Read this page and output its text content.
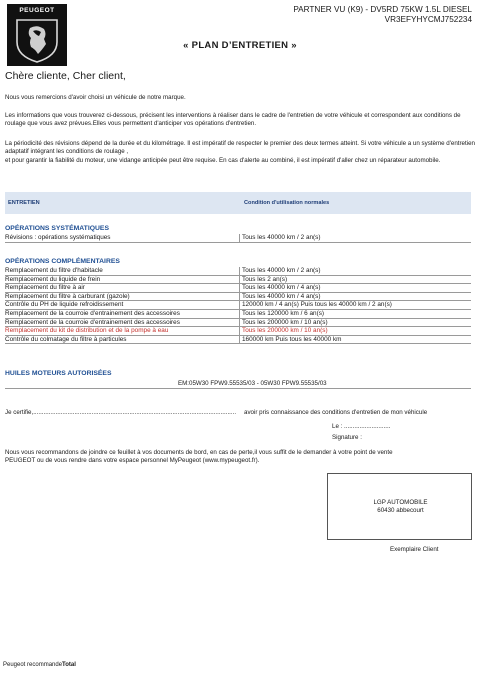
PEUGEOT	PARTNER VU (K9) - DV5RD 75KW 1.5L DIESEL
VR3EFYHYCMJ752234
« PLAN D’ENTRETIEN »
Chère cliente, Cher client,
Nous vous remercions d'avoir choisi un véhicule de notre marque.
Les informations que vous trouverez ci-dessous, précisent les interventions à réaliser dans le cadre de l'entretien de votre véhicule et correspondent aux conditions de roulage que vous avez prévues.Elles vous permettent d'anticiper vos opérations d'entretien.
La périodicité des révisions dépend de la durée et du kilométrage. Il est impératif de respecter le premier des deux termes atteint. Si votre véhicule a un système d'entretien adaptatif intégrant les conditions de roulage ,
et pour garantir la fiabilité du moteur, une vidange anticipée peut être requise. En cas d'alerte au combiné, il est impératif d'aller chez un réparateur automobile.
ENTRETIEN	Condition d'utilisation normales
OPÉRATIONS SYSTÉMATIQUES
Révisions : opérations systématiques	Tous les 40000 km / 2 an(s)
OPÉRATIONS COMPLÉMENTAIRES
Remplacement du filtre d'habitacle	Tous les 40000 km / 2 an(s)
Remplacement du liquide de frein	Tous les 2 an(s)
Remplacement du filtre à air	Tous les 40000 km / 4 an(s)
Remplacement du filtre à carburant (gazole)	Tous les 40000 km / 4 an(s)
Contrôle du PH de liquide refroidissement	120000 km / 4 an(s) Puis tous les 40000 km / 2 an(s)
Remplacement de la courroie d'entrainement des accessoires	Tous les 120000 km / 6 an(s)
Remplacement de la courroie d'entrainement des accessoires	Tous les 200000 km / 10 an(s)
Remplacement du kit de distribution et de la pompe à eau	Tous les 200000 km / 10 an(s)
Contrôle du colmatage du filtre à particules	160000 km Puis tous les 40000 km
HUILES MOTEURS AUTORISÉES
EM:05W30 FPW9.55535/03 - 05W30 FPW9.55535/03
Je certifie,...................................................................................................................... avoir pris connaissance des conditions d'entretien de mon véhicule
Le : ...........................
Signature :
Nous vous recommandons de joindre ce feuillet à vos documents de bord, en cas de perte,il vous suffit de le demander à votre point de vente
PEUGEOT ou de vous rendre dans votre espace personnel MyPeugeot (www.mypeugeot.fr).
LGP AUTOMOBILE
60430 abbecourt
Exemplaire Client
Peugeot recommandeTotal
